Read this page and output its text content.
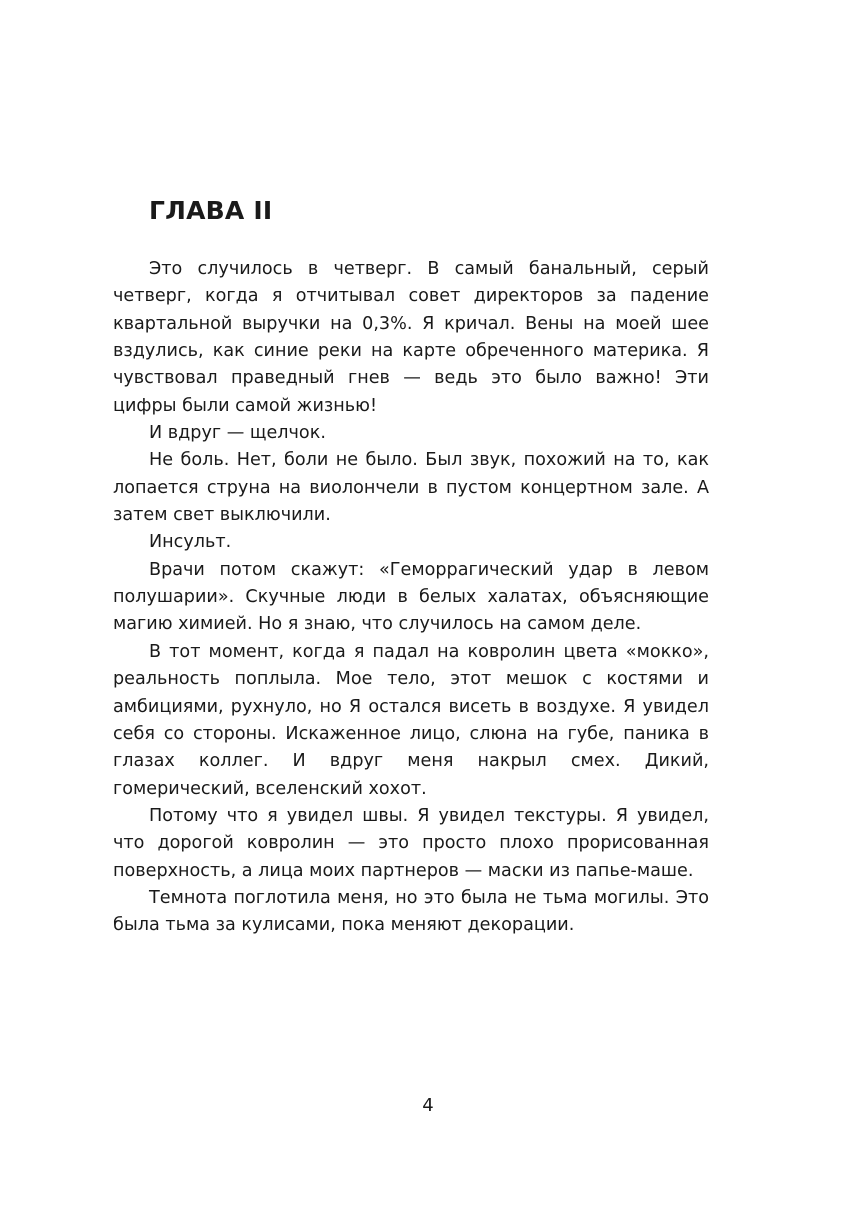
ГЛАВА II

Это случилось в четверг. В самый банальный, серый четверг, когда я отчитывал совет директоров за падение квартальной выручки на 0,3%. Я кричал. Вены на моей шее вздулись, как синие реки на карте обреченного материка. Я чувствовал праведный гнев — ведь это было важно! Эти цифры были самой жизнью!

И вдруг — щелчок.

Не боль. Нет, боли не было. Был звук, похожий на то, как лопается струна на виолончели в пустом концертном зале. А затем свет выключили.

Инсульт.

Врачи потом скажут: «Геморрагический удар в левом полушарии». Скучные люди в белых халатах, объясняющие магию химией. Но я знаю, что случилось на самом деле.

В тот момент, когда я падал на ковролин цвета «мокко», реальность поплыла. Мое тело, этот мешок с костями и амбициями, рухнуло, но Я остался висеть в воздухе. Я увидел себя со стороны. Искаженное лицо, слюна на губе, паника в глазах коллег. И вдруг меня накрыл смех. Дикий, гомерический, вселенский хохот.

Потому что я увидел швы. Я увидел текстуры. Я увидел, что дорогой ковролин — это просто плохо прорисованная поверхность, а лица моих партнеров — маски из папье-маше.

Темнота поглотила меня, но это была не тьма могилы. Это была тьма за кулисами, пока меняют декорации.

4
